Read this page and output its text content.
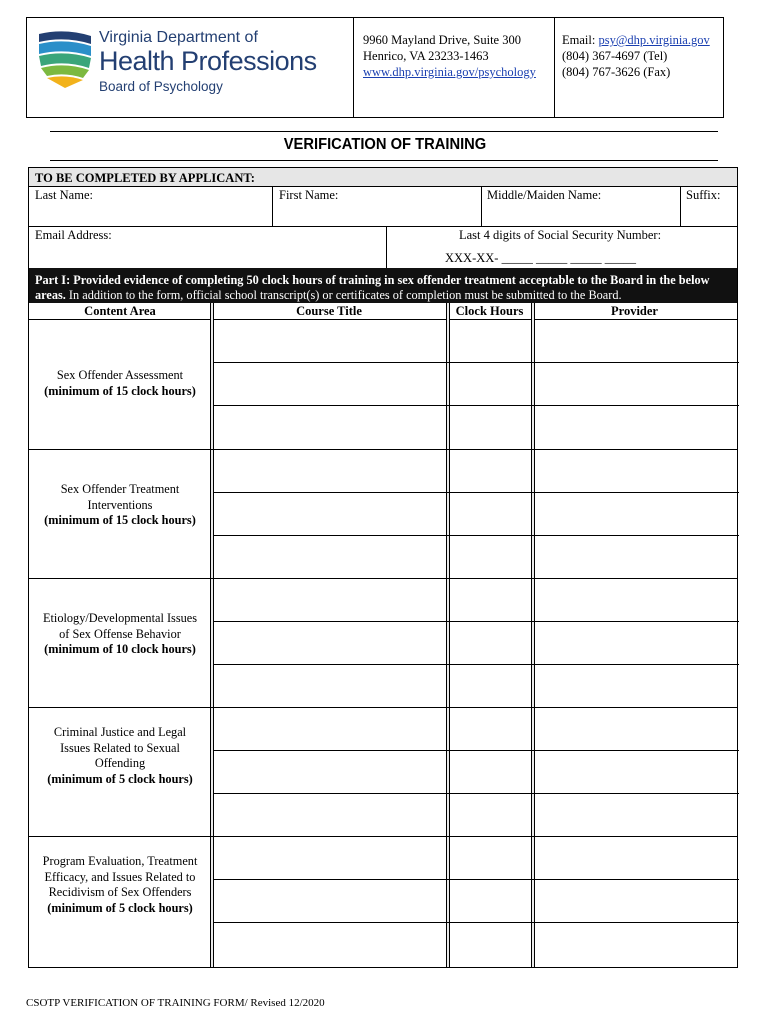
Virginia Department of
Health Professions
Board of Psychology
9960 Mayland Drive, Suite 300
Henrico, VA 23233-1463
www.dhp.virginia.gov/psychology
Email: psy@dhp.virginia.gov
(804) 367-4697 (Tel)
(804) 767-3626 (Fax)
VERIFICATION OF TRAINING
TO BE COMPLETED BY APPLICANT:
Last Name:	First Name:	Middle/Maiden Name:	Suffix:
Email Address:	Last 4 digits of Social Security Number:
XXX-XX- _____ _____ _____ _____
Part I: Provided evidence of completing 50 clock hours of training in sex offender treatment acceptable to the Board in the below
areas. In addition to the form, official school transcript(s) or certificates of completion must be submitted to the Board.
Content Area	Course Title	Clock Hours	Provider
Sex Offender Assessment
(minimum of 15 clock hours)
Sex Offender Treatment
Interventions
(minimum of 15 clock hours)
Etiology/Developmental Issues
of Sex Offense Behavior
(minimum of 10 clock hours)
Criminal Justice and Legal
Issues Related to Sexual
Offending
(minimum of 5 clock hours)
Program Evaluation, Treatment
Efficacy, and Issues Related to
Recidivism of Sex Offenders
(minimum of 5 clock hours)
CSOTP VERIFICATION OF TRAINING FORM/ Revised 12/2020
